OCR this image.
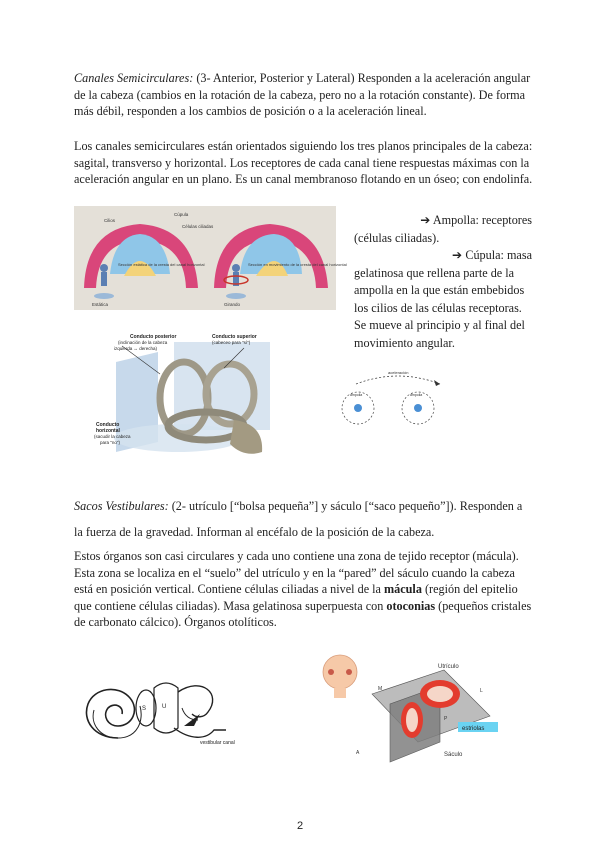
Canales Semicirculares: (3- Anterior, Posterior y Lateral) Responden a la aceleración angular de la cabeza (cambios en la rotación de la cabeza, pero no a la rotación constante). De forma más débil, responden a los cambios de posición o a la aceleración lineal.

Los canales semicirculares están orientados siguiendo los tres planos principales de la cabeza: sagital, transverso y horizontal. Los receptores de cada canal tiene respuestas máximas con la aceleración angular en un plano. Es un canal membranoso flotando en un óseo; con endolinfa.

Cilios
Cúpula
Células ciliadas
Sección estática de la cresta del canal horizontal	Sección en movimiento de la cresta del canal horizontal
Estática	Girando
➔ Ampolla: receptores
(células ciliadas).
➔ Cúpula: masa
gelatinosa que rellena parte de la ampolla en la que están embebidos los cilios de las células receptoras. Se mueve al principio y al final del movimiento angular.
Conducto posterior
(inclinación de la cabeza
izquierda ↔ derecha)
Conducto superior
(cabeceo para "sí")
Conducto
horizontal
(sacudir la cabeza
para "no")
aceleración
ampolla	ampolla

Sacos Vestibulares: (2- utrículo [“bolsa pequeña”] y sáculo [“saco pequeño”]). Responden a la fuerza de la gravedad. Informan al encéfalo de la posición de la cabeza.

Estos órganos son casi circulares y cada uno contiene una zona de tejido receptor (mácula). Esta zona se localiza en el “suelo” del utrículo y en la “pared” del sáculo cuando la cabeza está en posición vertical. Contiene células ciliadas a nivel de la mácula (región del epitelio que contiene células ciliadas). Masa gelatinosa superpuesta con otoconias (pequeños cristales de carbonato cálcico). Órganos otolíticos.

S	U
vestibular canal
Utrículo
Sáculo
estriolas
M	L
P
A
2
